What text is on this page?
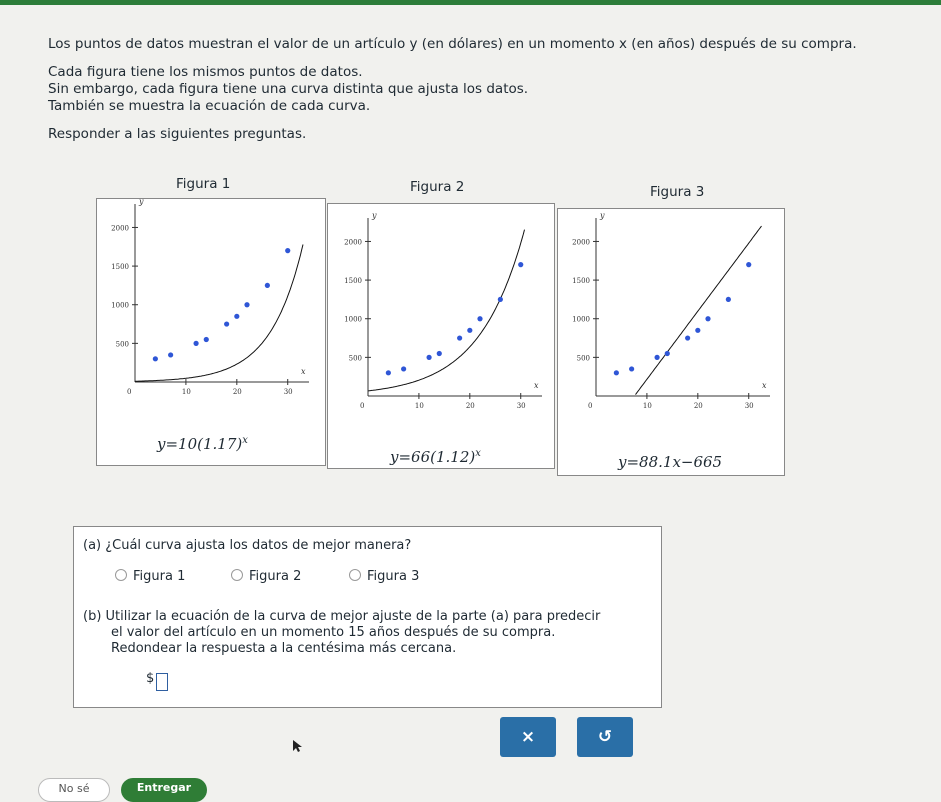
Los puntos de datos muestran el valor de un artículo y (en dólares) en un momento x (en años) después de su compra.

Cada figura tiene los mismos puntos de datos.

Sin embargo, cada figura tiene una curva distinta que ajusta los datos.

También se muestra la ecuación de cada curva.

Responder a las siguientes preguntas.

Figura 1	Figura 2	Figura 3
x
y
0	10	20	30
500
1000
1500
2000
$y=10(1.17)^x$
x
y
0	10	20	30
500
1000
1500
2000
$y=66(1.12)^x$
x
y
0	10	20	30
500
1000
1500
2000
y=88.1x−665
(a) ¿Cuál curva ajusta los datos de mejor manera?
Figura 1	Figura 2	Figura 3

(b) Utilizar la ecuación de la curva de mejor ajuste de la parte (a) para predecir

el valor del artículo en un momento 15 años después de su compra.

Redondear la respuesta a la centésima más cercana.

$
×	↺
No sé	Entregar
